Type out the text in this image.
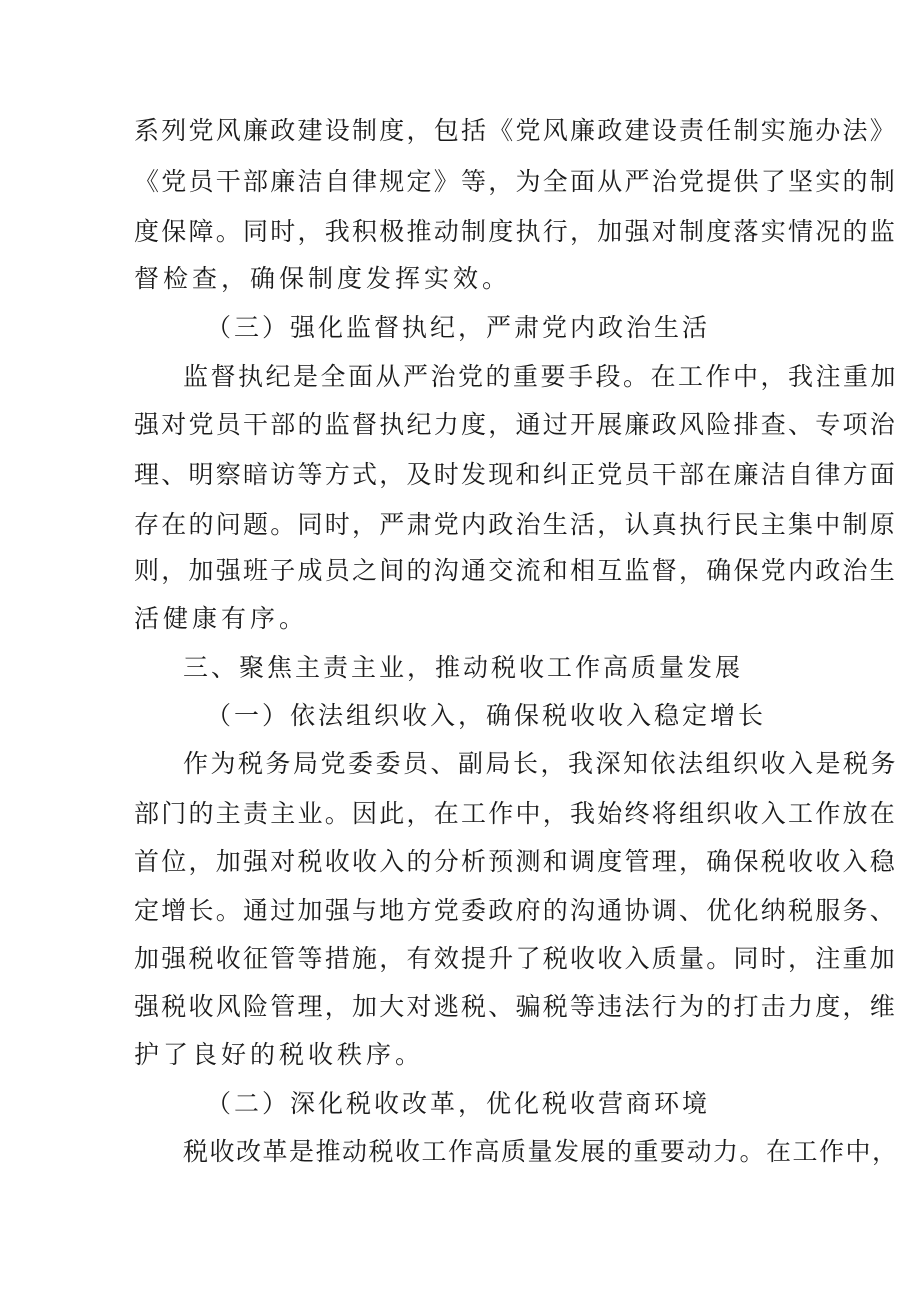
系列党风廉政建设制度，包括《党风廉政建设责任制实施办法》
《党员干部廉洁自律规定》等，为全面从严治党提供了坚实的制
度保障。同时，我积极推动制度执行，加强对制度落实情况的监
督检查，确保制度发挥实效。
（三）强化监督执纪，严肃党内政治生活
监督执纪是全面从严治党的重要手段。在工作中，我注重加
强对党员干部的监督执纪力度，通过开展廉政风险排查、专项治
理、明察暗访等方式，及时发现和纠正党员干部在廉洁自律方面
存在的问题。同时，严肃党内政治生活，认真执行民主集中制原
则，加强班子成员之间的沟通交流和相互监督，确保党内政治生
活健康有序。
三、聚焦主责主业，推动税收工作高质量发展
（一）依法组织收入，确保税收收入稳定增长
作为税务局党委委员、副局长，我深知依法组织收入是税务
部门的主责主业。因此，在工作中，我始终将组织收入工作放在
首位，加强对税收收入的分析预测和调度管理，确保税收收入稳
定增长。通过加强与地方党委政府的沟通协调、优化纳税服务、
加强税收征管等措施，有效提升了税收收入质量。同时，注重加
强税收风险管理，加大对逃税、骗税等违法行为的打击力度，维
护了良好的税收秩序。
（二）深化税收改革，优化税收营商环境
税收改革是推动税收工作高质量发展的重要动力。在工作中，
